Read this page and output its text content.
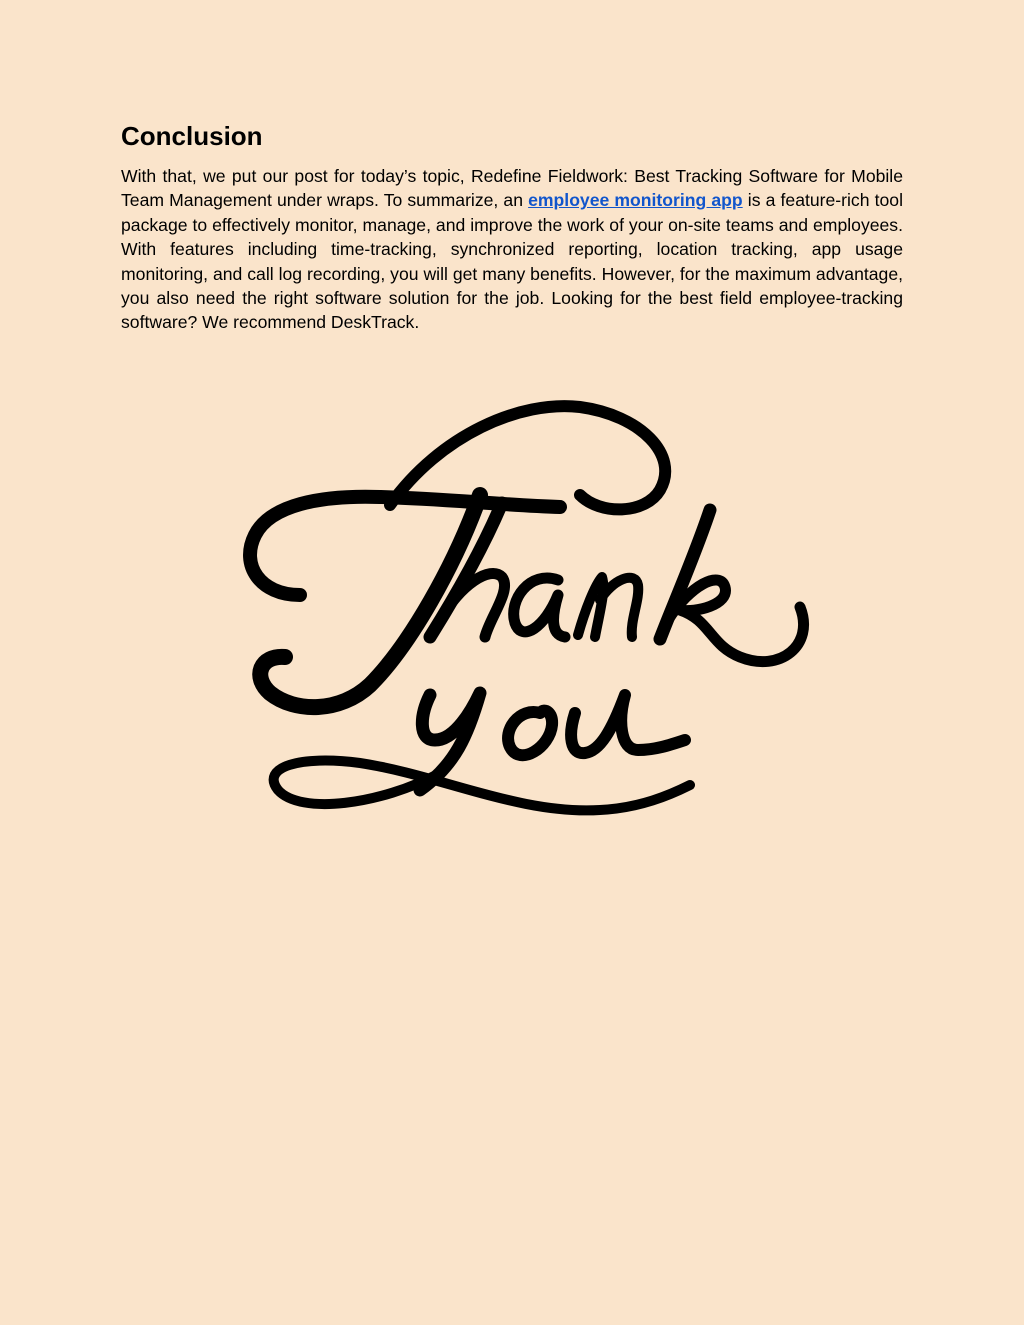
Conclusion

With that, we put our post for today’s topic, Redefine Fieldwork: Best Tracking Software for Mobile Team Management under wraps. To summarize, an employee monitoring app is a feature-rich tool package to effectively monitor, manage, and improve the work of your on-site teams and employees. With features including time-tracking, synchronized reporting, location tracking, app usage monitoring, and call log recording, you will get many benefits. However, for the maximum advantage, you also need the right software solution for the job. Looking for the best field employee-tracking software? We recommend DeskTrack.
